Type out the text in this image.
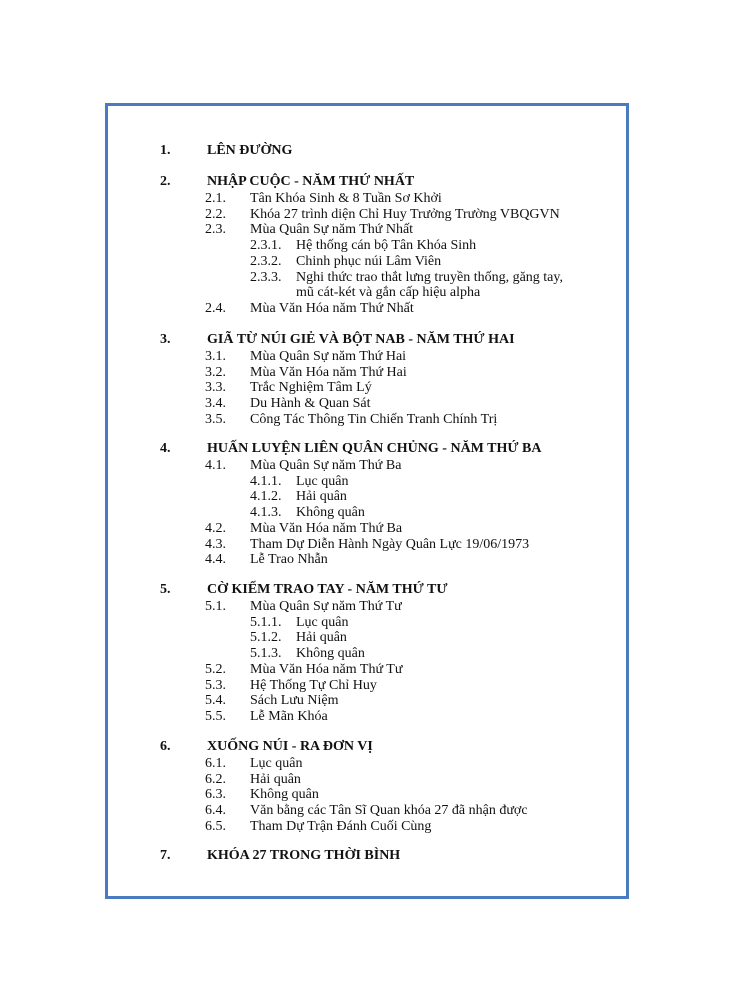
1.	LÊN ĐƯỜNG
2.	NHẬP CUỘC - NĂM THỨ NHẤT
2.1. Tân Khóa Sinh & 8 Tuần Sơ Khởi
2.2. Khóa 27 trình diện Chỉ Huy Trưởng Trường VBQGVN
2.3. Mùa Quân Sự năm Thứ Nhất
2.3.1. Hệ thống cán bộ Tân Khóa Sinh
2.3.2. Chinh phục núi Lâm Viên
2.3.3. Nghi thức trao thắt lưng truyền thống, găng tay,
mũ cát-két và gắn cấp hiệu alpha
2.4. Mùa Văn Hóa năm Thứ Nhất
3.	GIÃ TỪ NÚI GIẺ VÀ BỘT NAB - NĂM THỨ HAI
3.1. Mùa Quân Sự năm Thứ Hai
3.2. Mùa Văn Hóa năm Thứ Hai
3.3. Trắc Nghiệm Tâm Lý
3.4. Du Hành & Quan Sát
3.5. Công Tác Thông Tin Chiến Tranh Chính Trị
4.	HUẤN LUYỆN LIÊN QUÂN CHỦNG - NĂM THỨ BA
4.1. Mùa Quân Sự năm Thứ Ba
4.1.1. Lục quân
4.1.2. Hải quân
4.1.3. Không quân
4.2. Mùa Văn Hóa năm Thứ Ba
4.3. Tham Dự Diễn Hành Ngày Quân Lực 19/06/1973
4.4. Lễ Trao Nhẫn
5.	CỜ KIẾM TRAO TAY - NĂM THỨ TƯ
5.1. Mùa Quân Sự năm Thứ Tư
5.1.1. Lục quân
5.1.2. Hải quân
5.1.3. Không quân
5.2. Mùa Văn Hóa năm Thứ Tư
5.3. Hệ Thống Tự Chỉ Huy
5.4. Sách Lưu Niệm
5.5. Lễ Mãn Khóa
6.	XUỐNG NÚI - RA ĐƠN VỊ
6.1. Lục quân
6.2. Hải quân
6.3. Không quân
6.4. Văn bằng các Tân Sĩ Quan khóa 27 đã nhận được
6.5. Tham Dự Trận Đánh Cuối Cùng
7.	KHÓA 27 TRONG THỜI BÌNH
